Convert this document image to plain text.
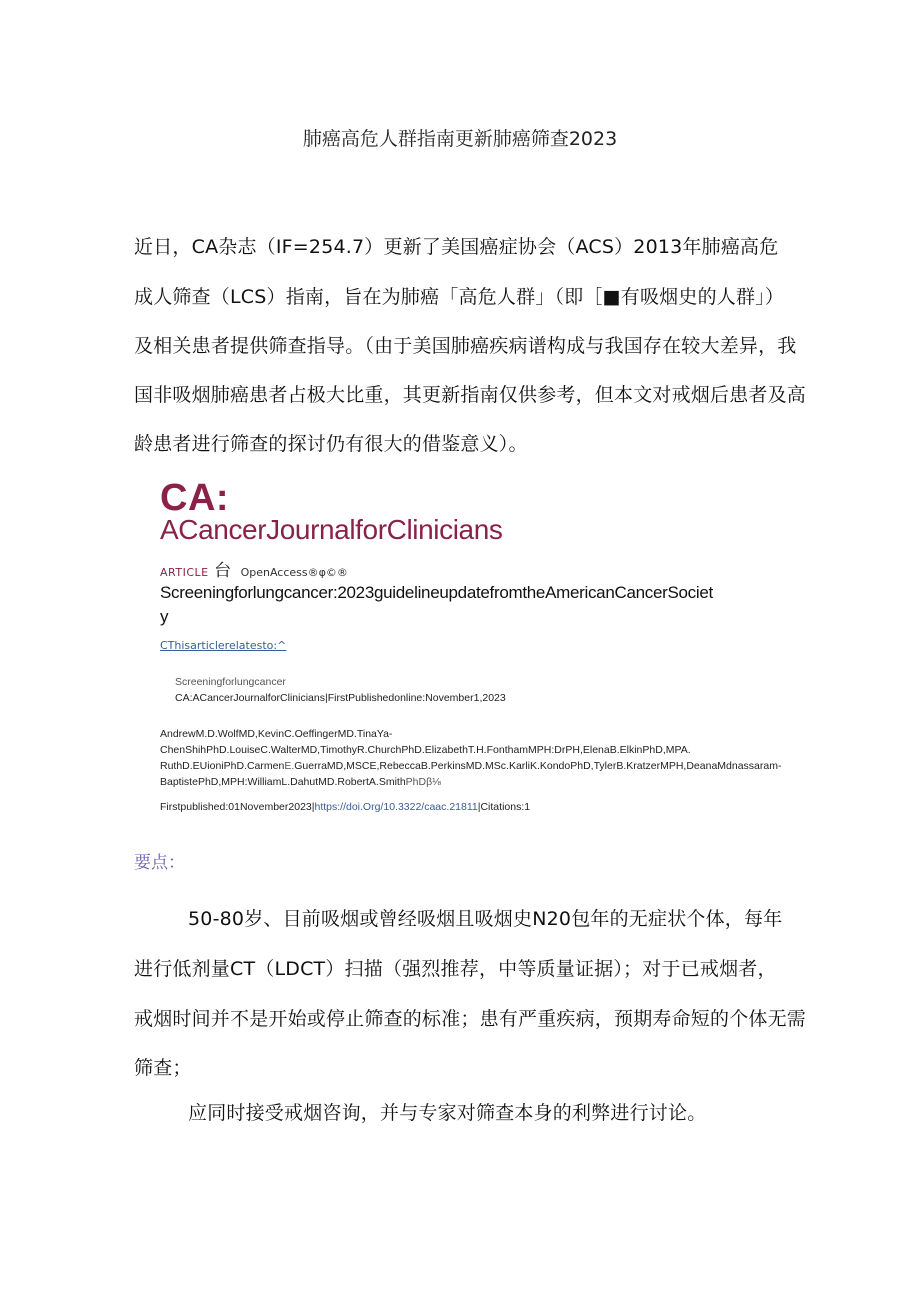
肺癌高危人群指南更新肺癌筛查2023
近日，CA杂志（IF=254.7）更新了美国癌症协会（ACS）2013年肺癌高危
成人筛查（LCS）指南，旨在为肺癌「高危人群」（即［■有吸烟史的人群」）
及相关患者提供筛查指导。（由于美国肺癌疾病谱构成与我国存在较大差异，我
国非吸烟肺癌患者占极大比重，其更新指南仅供参考，但本文对戒烟后患者及高
龄患者进行筛查的探讨仍有很大的借鉴意义）。
CA:
ACancerJournalforClinicians
ARTICLE 台 OpenAccess®φ©®
Screeningforlungcancer:2023guidelineupdatefromtheAmericanCancerSociet
y
CThisarticlerelatesto:^
Screeningforlungcancer
CA:ACancerJournalforClinicians|FirstPublishedonline:November1,2023
AndrewM.D.WolfMD,KevinC.OeffingerMD.TinaYa-
ChenShihPhD.LouiseC.WalterMD,TimothyR.ChurchPhD.ElizabethT.H.FonthamMPH:DrPH,ElenaB.ElkinPhD,MPA.
RuthD.EUioniPhD.CarmenE.GuerraMD,MSCE,RebeccaB.PerkinsMD.MSc.KarliK.KondoPhD,TylerB.KratzerMPH,DeanaMdnassaram-
BaptistePhD,MPH:WilliamL.DahutMD.RobertA.SmithPhDβ⅛
Firstpublished:01November2023|https://doi.Org/10.3322/caac.21811|Citations:1
要点：
50-80岁、目前吸烟或曾经吸烟且吸烟史N20包年的无症状个体，每年
进行低剂量CT（LDCT）扫描（强烈推荐，中等质量证据）；对于已戒烟者，
戒烟时间并不是开始或停止筛查的标准；患有严重疾病，预期寿命短的个体无需
筛查；
应同时接受戒烟咨询，并与专家对筛查本身的利弊进行讨论。
